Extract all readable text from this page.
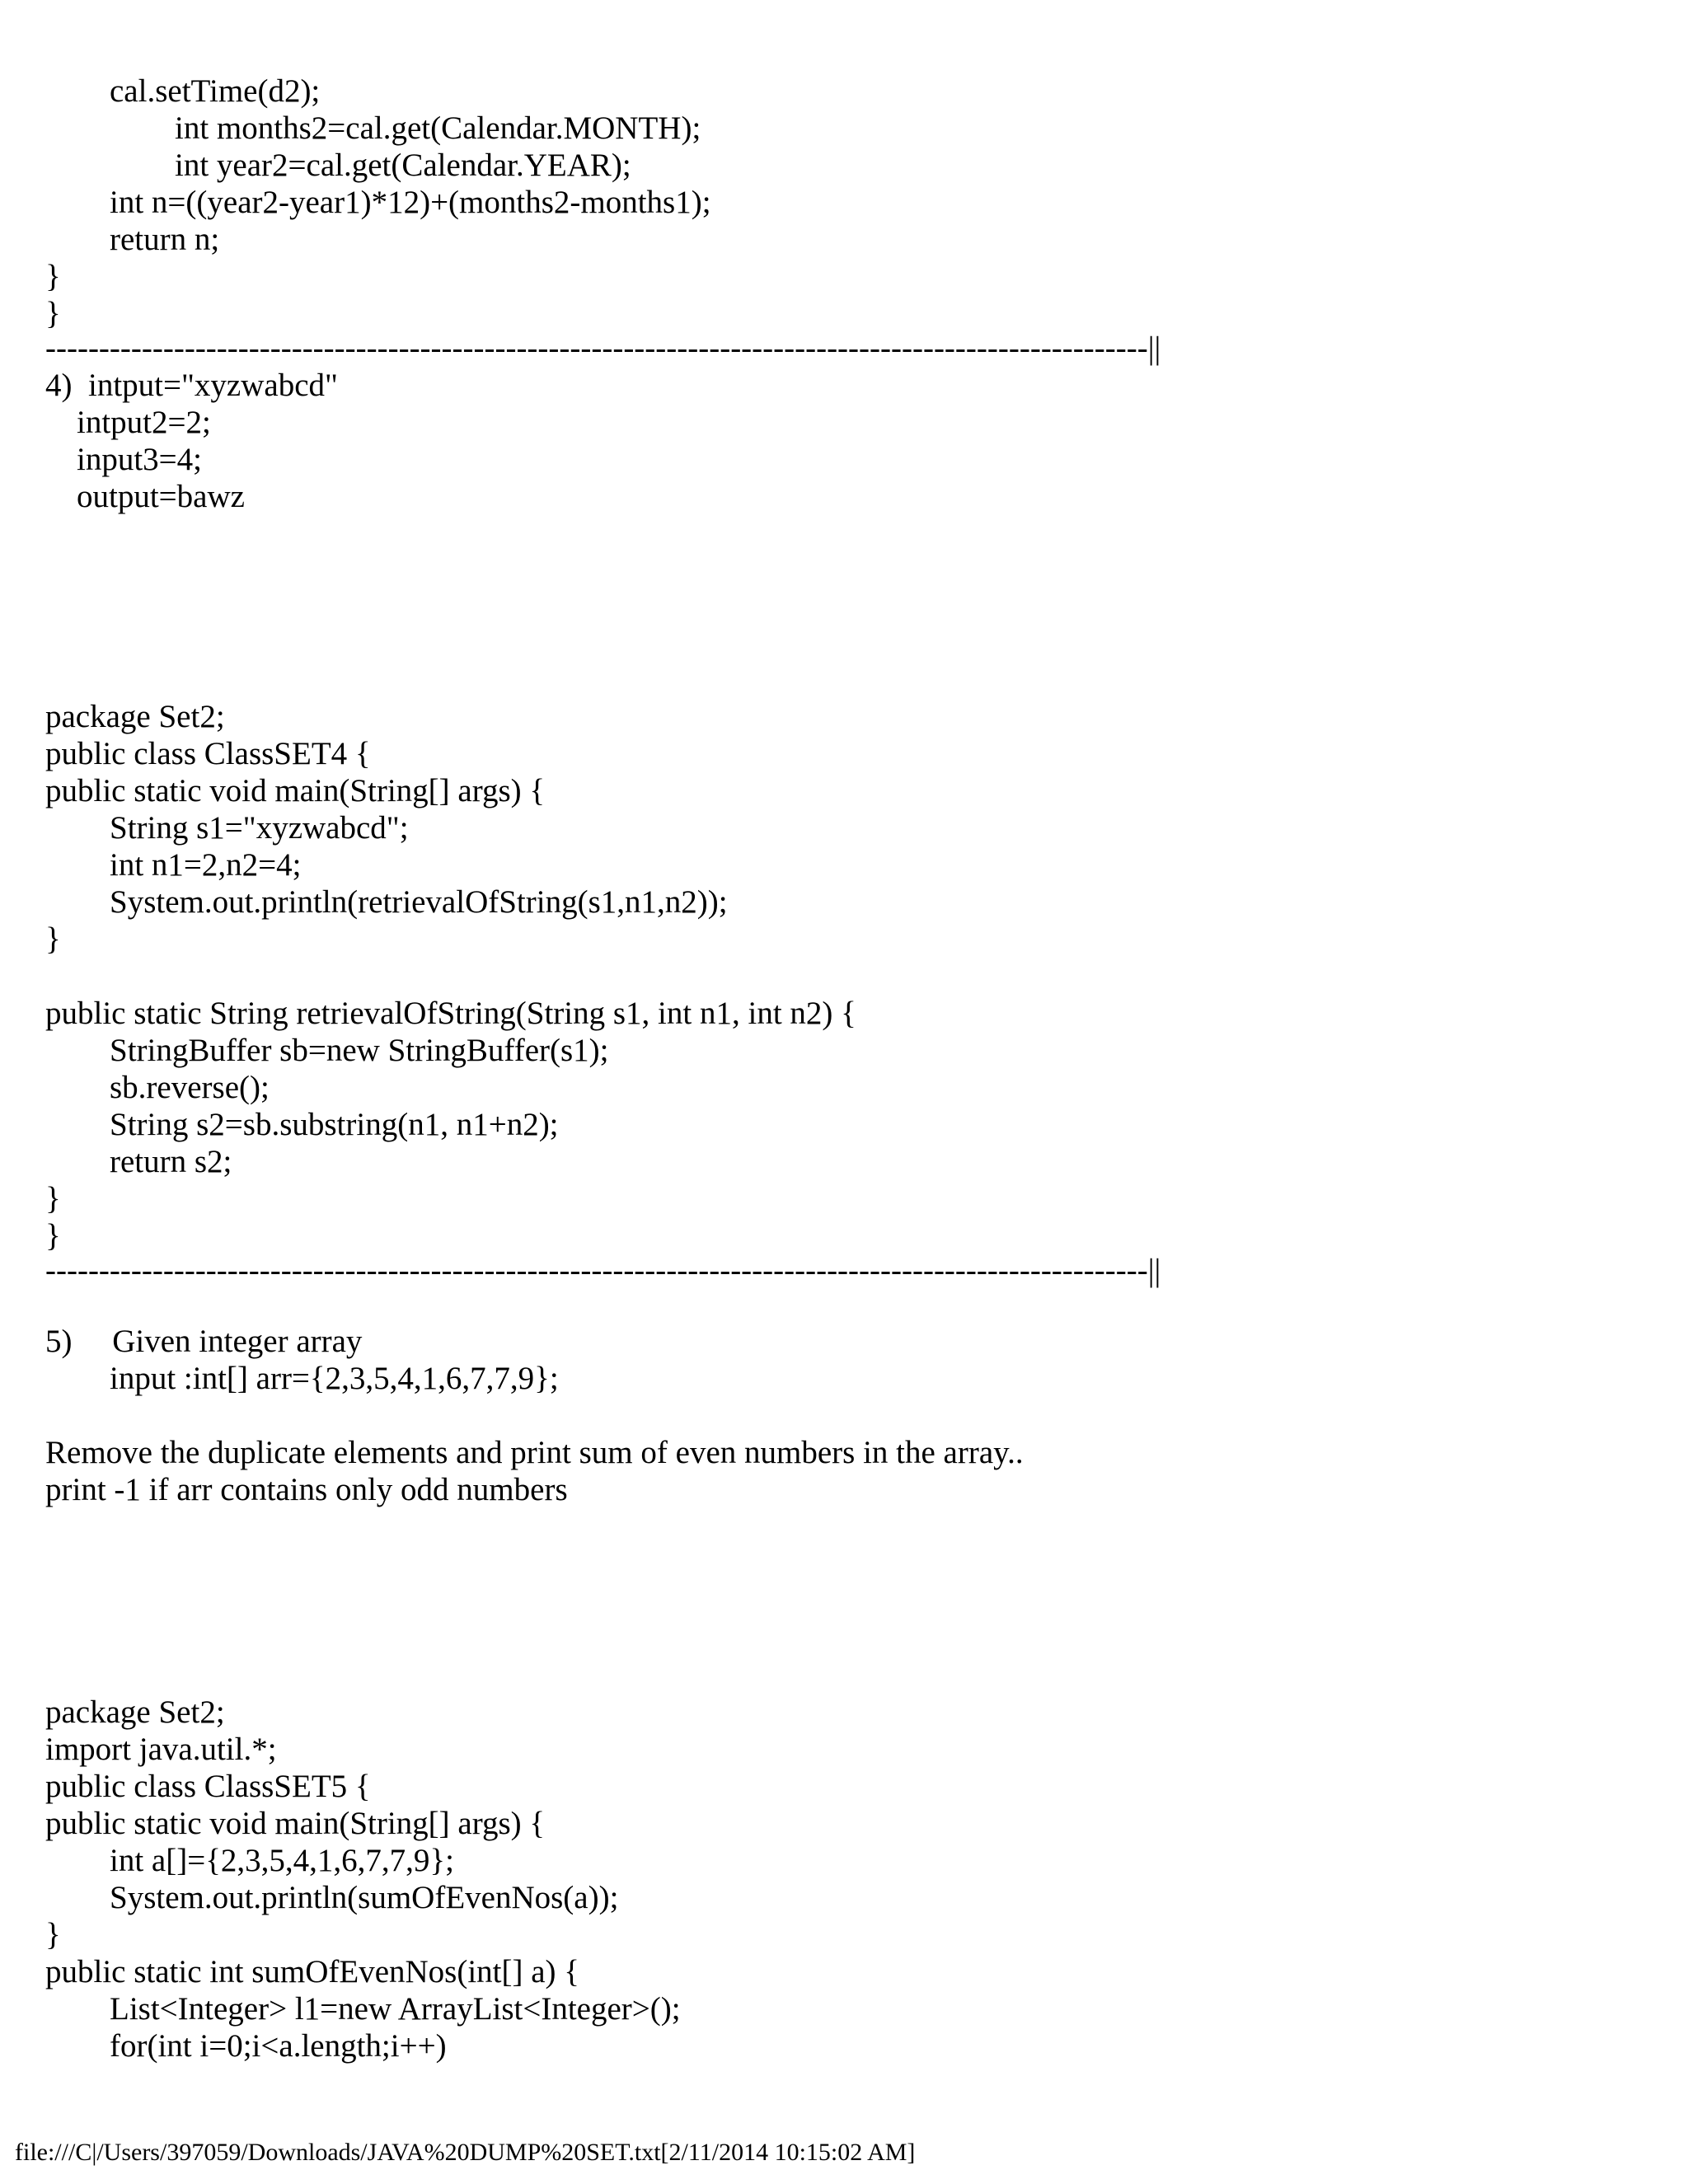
cal.setTime(d2);
int months2=cal.get(Calendar.MONTH);
int year2=cal.get(Calendar.YEAR);
int n=((year2-year1)*12)+(months2-months1);
return n;
}
}
-------------------------------------------------------------------------------------------------------||
4)  intput="xyzwabcd"
intput2=2;
input3=4;
output=bawz
package Set2;
public class ClassSET4 {
public static void main(String[] args) {
String s1="xyzwabcd";
int n1=2,n2=4;
System.out.println(retrievalOfString(s1,n1,n2));
}
public static String retrievalOfString(String s1, int n1, int n2) {
StringBuffer sb=new StringBuffer(s1);
sb.reverse();
String s2=sb.substring(n1, n1+n2);
return s2;
}
}
-------------------------------------------------------------------------------------------------------||
5)     Given integer array
input :int[] arr={2,3,5,4,1,6,7,7,9};
Remove the duplicate elements and print sum of even numbers in the array..
print -1 if arr contains only odd numbers
package Set2;
import java.util.*;
public class ClassSET5 {
public static void main(String[] args) {
int a[]={2,3,5,4,1,6,7,7,9};
System.out.println(sumOfEvenNos(a));
}
public static int sumOfEvenNos(int[] a) {
List<Integer> l1=new ArrayList<Integer>();
for(int i=0;i<a.length;i++)
file:///C|/Users/397059/Downloads/JAVA%20DUMP%20SET.txt[2/11/2014 10:15:02 AM]
